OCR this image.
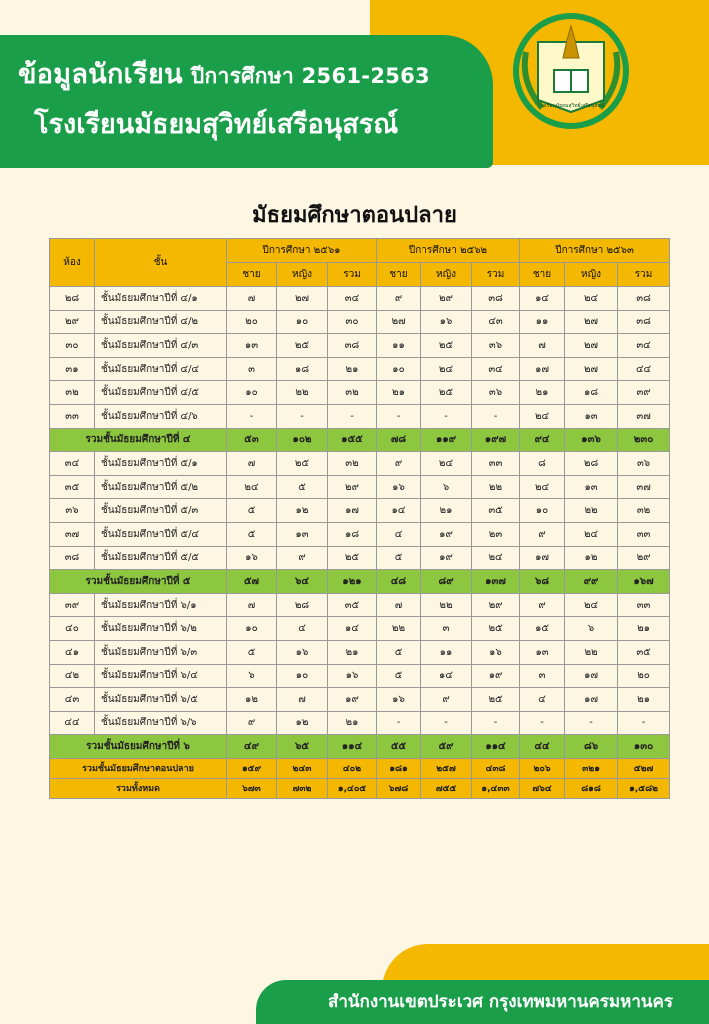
ข้อมูลนักเรียน ปีการศึกษา 2561-2563
โรงเรียนมัธยมสุวิทย์เสรีอนุสรณ์
โรงเรียนมัธยมสุวิทย์เสรีอนุสรณ์
มัธยมศึกษาตอนปลาย
ห้อง	ชั้น	ปีการศึกษา ๒๕๖๑			ปีการศึกษา ๒๕๖๒			ปีการศึกษา ๒๕๖๓		
		ชาย	หญิง	รวม	ชาย	หญิง	รวม	ชาย	หญิง	รวม
๒๘	ชั้นมัธยมศึกษาปีที่ ๔/๑	๗	๒๗	๓๔	๙	๒๙	๓๘	๑๔	๒๔	๓๘
๒๙	ชั้นมัธยมศึกษาปีที่ ๔/๒	๒๐	๑๐	๓๐	๒๗	๑๖	๔๓	๑๑	๒๗	๓๘
๓๐	ชั้นมัธยมศึกษาปีที่ ๔/๓	๑๓	๒๕	๓๘	๑๑	๒๕	๓๖	๗	๒๗	๓๔
๓๑	ชั้นมัธยมศึกษาปีที่ ๔/๔	๓	๑๘	๒๑	๑๐	๒๔	๓๔	๑๗	๒๗	๔๔
๓๒	ชั้นมัธยมศึกษาปีที่ ๔/๕	๑๐	๒๒	๓๒	๒๑	๒๕	๓๖	๒๑	๑๘	๓๙
๓๓	ชั้นมัธยมศึกษาปีที่ ๔/๖	-	-	-	-	-	-	๒๔	๑๓	๓๗
รวมชั้นมัธยมศึกษาปีที่ ๔		๕๓	๑๐๒	๑๕๕	๗๘	๑๑๙	๑๙๗	๙๔	๑๓๖	๒๓๐
๓๔	ชั้นมัธยมศึกษาปีที่ ๕/๑	๗	๒๕	๓๒	๙	๒๔	๓๓	๘	๒๘	๓๖
๓๕	ชั้นมัธยมศึกษาปีที่ ๕/๒	๒๔	๕	๒๙	๑๖	๖	๒๒	๒๔	๑๓	๓๗
๓๖	ชั้นมัธยมศึกษาปีที่ ๕/๓	๕	๑๒	๑๗	๑๔	๒๑	๓๕	๑๐	๒๒	๓๒
๓๗	ชั้นมัธยมศึกษาปีที่ ๕/๔	๕	๑๓	๑๘	๔	๑๙	๒๓	๙	๒๔	๓๓
๓๘	ชั้นมัธยมศึกษาปีที่ ๕/๕	๑๖	๙	๒๕	๕	๑๙	๒๔	๑๗	๑๒	๒๙
รวมชั้นมัธยมศึกษาปีที่ ๕		๕๗	๖๔	๑๒๑	๔๘	๘๙	๑๓๗	๖๘	๙๙	๑๖๗
๓๙	ชั้นมัธยมศึกษาปีที่ ๖/๑	๗	๒๘	๓๕	๗	๒๒	๒๙	๙	๒๔	๓๓
๔๐	ชั้นมัธยมศึกษาปีที่ ๖/๒	๑๐	๔	๑๔	๒๒	๓	๒๕	๑๕	๖	๒๑
๔๑	ชั้นมัธยมศึกษาปีที่ ๖/๓	๕	๑๖	๒๑	๕	๑๑	๑๖	๑๓	๒๒	๓๕
๔๒	ชั้นมัธยมศึกษาปีที่ ๖/๔	๖	๑๐	๑๖	๕	๑๔	๑๙	๓	๑๗	๒๐
๔๓	ชั้นมัธยมศึกษาปีที่ ๖/๕	๑๒	๗	๑๙	๑๖	๙	๒๕	๔	๑๗	๒๑
๔๔	ชั้นมัธยมศึกษาปีที่ ๖/๖	๙	๑๒	๒๑	-	-	-	-	-	-
รวมชั้นมัธยมศึกษาปีที่ ๖		๔๙	๖๕	๑๑๔	๕๕	๕๙	๑๑๔	๔๔	๘๖	๑๓๐
รวมชั้นมัธยมศึกษาตอนปลาย		๑๕๙	๒๔๓	๔๐๒	๑๘๑	๒๕๗	๔๓๘	๒๐๖	๓๒๑	๕๒๗
รวมทั้งหมด		๖๗๓	๗๓๒	๑,๔๐๕	๖๗๘	๗๕๕	๑,๔๓๓	๗๖๔	๘๑๘	๑,๕๘๒
สำนักงานเขตประเวศ กรุงเทพมหานครมหานคร
